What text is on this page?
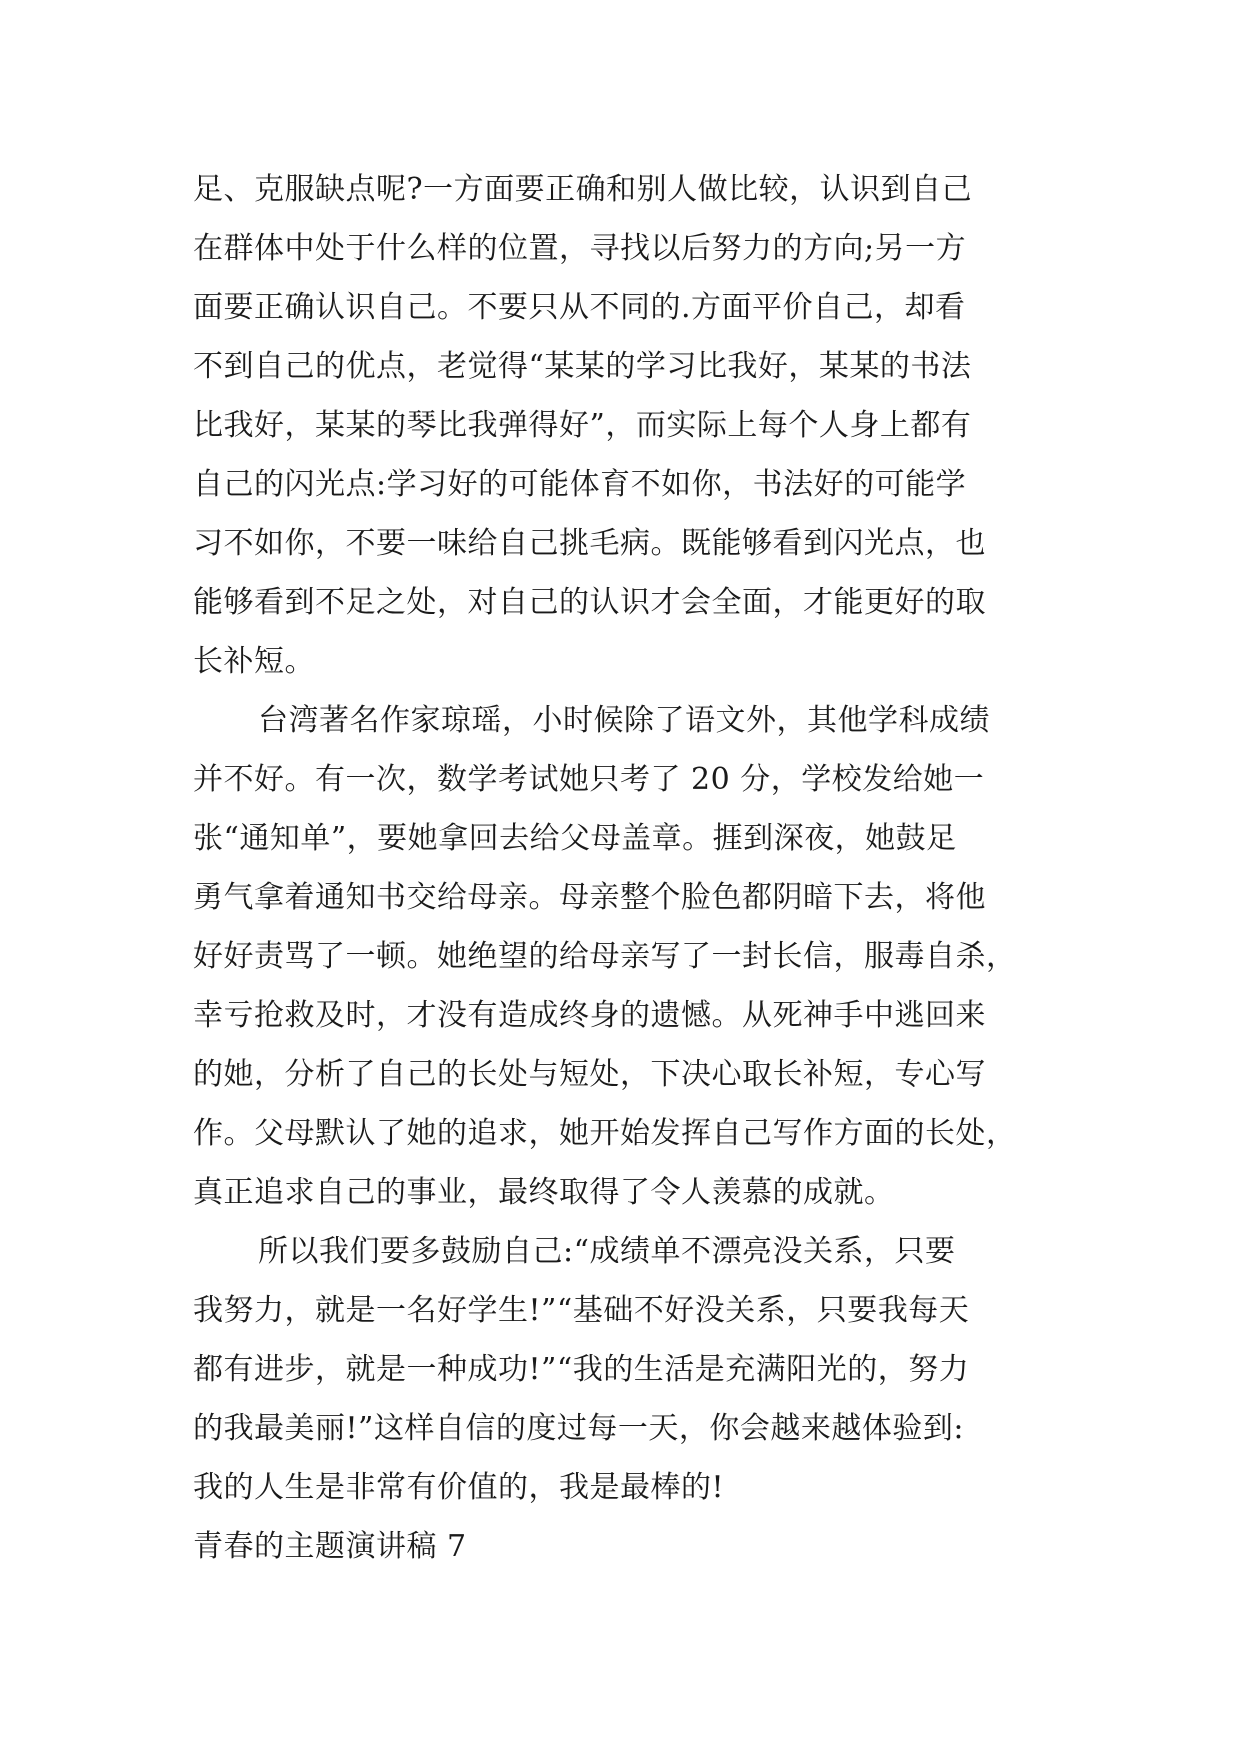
足、克服缺点呢?一方面要正确和别人做比较，认识到自己
在群体中处于什么样的位置，寻找以后努力的方向;另一方
面要正确认识自己。不要只从不同的.方面平价自己，却看
不到自己的优点，老觉得“某某的学习比我好，某某的书法
比我好，某某的琴比我弹得好”，而实际上每个人身上都有
自己的闪光点:学习好的可能体育不如你，书法好的可能学
习不如你，不要一味给自己挑毛病。既能够看到闪光点，也
能够看到不足之处，对自己的认识才会全面，才能更好的取
长补短。
台湾著名作家琼瑶，小时候除了语文外，其他学科成绩
并不好。有一次，数学考试她只考了 20 分，学校发给她一
张“通知单”，要她拿回去给父母盖章。捱到深夜，她鼓足
勇气拿着通知书交给母亲。母亲整个脸色都阴暗下去，将他
好好责骂了一顿。她绝望的给母亲写了一封长信，服毒自杀，
幸亏抢救及时，才没有造成终身的遗憾。从死神手中逃回来
的她，分析了自己的长处与短处，下决心取长补短，专心写
作。父母默认了她的追求，她开始发挥自己写作方面的长处，
真正追求自己的事业，最终取得了令人羡慕的成就。
所以我们要多鼓励自己:“成绩单不漂亮没关系，只要
我努力，就是一名好学生!”“基础不好没关系，只要我每天
都有进步，就是一种成功!”“我的生活是充满阳光的，努力
的我最美丽!”这样自信的度过每一天，你会越来越体验到:
我的人生是非常有价值的，我是最棒的!
青春的主题演讲稿 7
